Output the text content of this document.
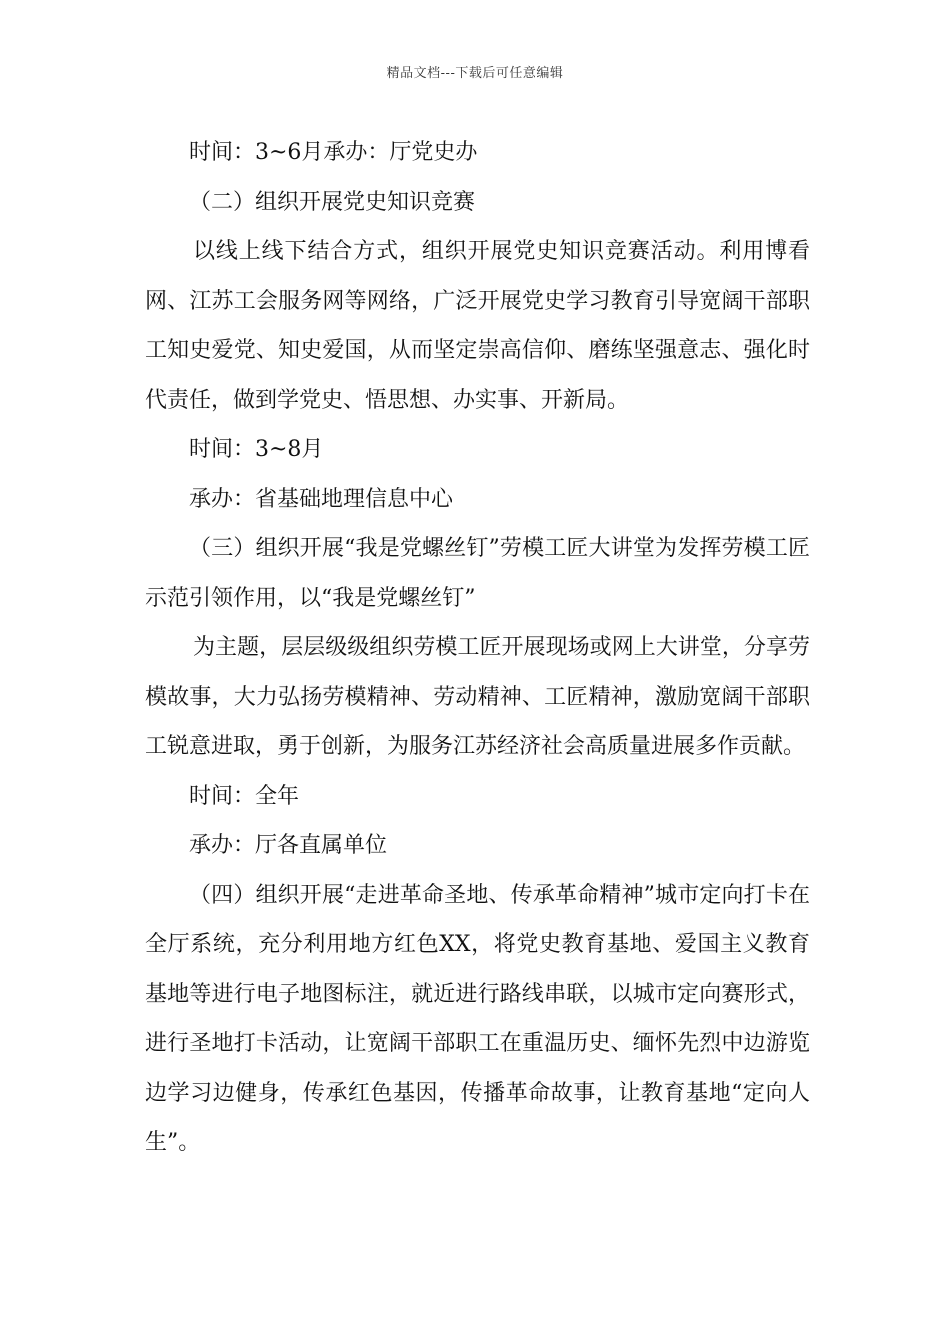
精品文档---下载后可任意编辑

时间：3~6月承办：厅党史办

（二）组织开展党史知识竞赛

以线上线下结合方式，组织开展党史知识竞赛活动。利用博看网、江苏工会服务网等网络，广泛开展党史学习教育引导宽阔干部职工知史爱党、知史爱国，从而坚定崇高信仰、磨练坚强意志、强化时代责任，做到学党史、悟思想、办实事、开新局。

时间：3~8月

承办：省基础地理信息中心

（三）组织开展“我是党螺丝钉”劳模工匠大讲堂为发挥劳模工匠示范引领作用，以“我是党螺丝钉”

为主题，层层级级组织劳模工匠开展现场或网上大讲堂，分享劳模故事，大力弘扬劳模精神、劳动精神、工匠精神，激励宽阔干部职工锐意进取，勇于创新，为服务江苏经济社会高质量进展多作贡献。

时间：全年

承办：厅各直属单位

（四）组织开展“走进革命圣地、传承革命精神”城市定向打卡在全厅系统，充分利用地方红色XX，将党史教育基地、爱国主义教育基地等进行电子地图标注，就近进行路线串联，以城市定向赛形式，进行圣地打卡活动，让宽阔干部职工在重温历史、缅怀先烈中边游览边学习边健身，传承红色基因，传播革命故事，让教育基地“定向人生”。
